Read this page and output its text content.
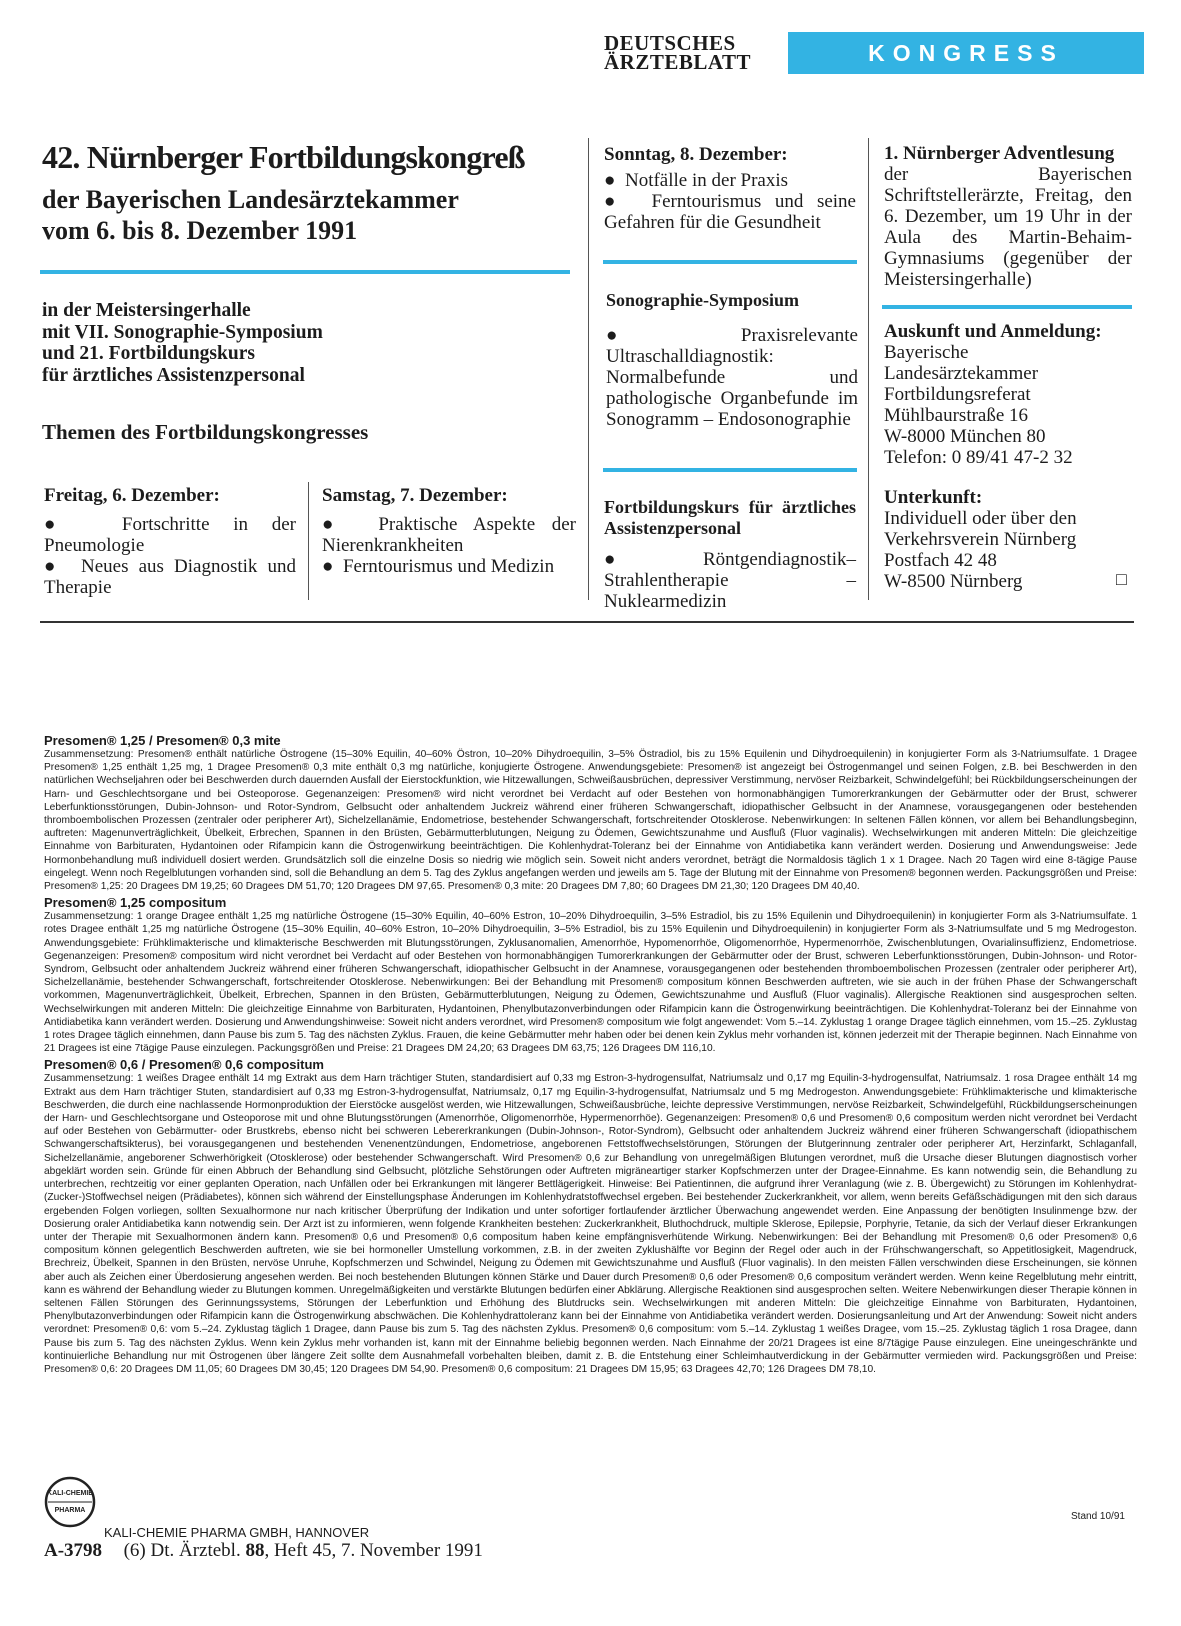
DEUTSCHES
ÄRZTEBLATT	KONGRESS AKTUELL
42. Nürnberger Fortbildungskongreß
der Bayerischen Landesärztekammer
vom 6. bis 8. Dezember 1991
in der Meistersingerhalle
mit VII. Sonographie-Symposium
und 21. Fortbildungskurs
für ärztliches Assistenzpersonal
Themen des Fortbildungskongresses
Freitag, 6. Dezember:
●  Fortschritte in der Pneumologie
●  Neues aus Diagnostik und Therapie
Samstag, 7. Dezember:
●  Praktische Aspekte der Nierenkrankheiten
●  Ferntourismus und Medizin
Sonntag, 8. Dezember:
●  Notfälle in der Praxis
●  Ferntourismus und seine Gefahren für die Gesundheit
Sonographie-Symposium
●  Praxisrelevante Ultraschalldiagnostik: Normalbefunde und pathologische Organbefunde im Sonogramm – Endosonographie
Fortbildungskurs für ärztliches Assistenzpersonal
●  Röntgendiagnostik–Strahlentherapie – Nuklearmedizin
1. Nürnberger Adventlesung
der Bayerischen Schriftstellerärzte, Freitag, den 6. Dezember, um 19 Uhr in der Aula des Martin-Behaim-Gymnasiums (gegenüber der Meistersingerhalle)
Auskunft und Anmeldung:
Bayerische
Landesärztekammer
Fortbildungsreferat
Mühlbaurstraße 16
W-8000 München 80
Telefon: 0 89/41 47-2 32
Unterkunft:
Individuell oder über den
Verkehrsverein Nürnberg
Postfach 42 48
W-8500 Nürnberg	□
Presomen® 1,25 / Presomen® 0,3 mite

Zusammensetzung: Presomen® enthält natürliche Östrogene (15–30% Equilin, 40–60% Östron, 10–20% Dihydroequilin, 3–5% Östradiol, bis zu 15% Equilenin und Dihydroequilenin) in konjugierter Form als 3-Natriumsulfate. 1 Dragee Presomen® 1,25 enthält 1,25 mg, 1 Dragee Presomen® 0,3 mite enthält 0,3 mg natürliche, konjugierte Östrogene. Anwendungsgebiete: Presomen® ist angezeigt bei Östrogenmangel und seinen Folgen, z.B. bei Beschwerden in den natürlichen Wechseljahren oder bei Beschwerden durch dauernden Ausfall der Eierstockfunktion, wie Hitzewallungen, Schweißausbrüchen, depressiver Verstimmung, nervöser Reizbarkeit, Schwindelgefühl; bei Rückbildungserscheinungen der Harn- und Geschlechtsorgane und bei Osteoporose. Gegenanzeigen: Presomen® wird nicht verordnet bei Verdacht auf oder Bestehen von hormonabhängigen Tumorerkrankungen der Gebärmutter oder der Brust, schwerer Leberfunktionsstörungen, Dubin-Johnson- und Rotor-Syndrom, Gelbsucht oder anhaltendem Juckreiz während einer früheren Schwangerschaft, idiopathischer Gelbsucht in der Anamnese, vorausgegangenen oder bestehenden thromboembolischen Prozessen (zentraler oder peripherer Art), Sichelzellanämie, Endometriose, bestehender Schwangerschaft, fortschreitender Otosklerose. Nebenwirkungen: In seltenen Fällen können, vor allem bei Behandlungsbeginn, auftreten: Magenunverträglichkeit, Übelkeit, Erbrechen, Spannen in den Brüsten, Gebärmutterblutungen, Neigung zu Ödemen, Gewichtszunahme und Ausfluß (Fluor vaginalis). Wechselwirkungen mit anderen Mitteln: Die gleichzeitige Einnahme von Barbituraten, Hydantoinen oder Rifampicin kann die Östrogenwirkung beeinträchtigen. Die Kohlenhydrat-Toleranz bei der Einnahme von Antidiabetika kann verändert werden. Dosierung und Anwendungsweise: Jede Hormonbehandlung muß individuell dosiert werden. Grundsätzlich soll die einzelne Dosis so niedrig wie möglich sein. Soweit nicht anders verordnet, beträgt die Normaldosis täglich 1 x 1 Dragee. Nach 20 Tagen wird eine 8-tägige Pause eingelegt. Wenn noch Regelblutungen vorhanden sind, soll die Behandlung an dem 5. Tag des Zyklus angefangen werden und jeweils am 5. Tage der Blutung mit der Einnahme von Presomen® begonnen werden. Packungsgrößen und Preise: Presomen® 1,25: 20 Dragees DM 19,25; 60 Dragees DM 51,70; 120 Dragees DM 97,65. Presomen® 0,3 mite: 20 Dragees DM 7,80; 60 Dragees DM 21,30; 120 Dragees DM 40,40.

Presomen® 1,25 compositum

Zusammensetzung: 1 orange Dragee enthält 1,25 mg natürliche Östrogene (15–30% Equilin, 40–60% Estron, 10–20% Dihydroequilin, 3–5% Estradiol, bis zu 15% Equilenin und Dihydroequilenin) in konjugierter Form als 3-Natriumsulfate. 1 rotes Dragee enthält 1,25 mg natürliche Östrogene (15–30% Equilin, 40–60% Estron, 10–20% Dihydroequilin, 3–5% Estradiol, bis zu 15% Equilenin und Dihydroequilenin) in konjugierter Form als 3-Natriumsulfate und 5 mg Medrogeston. Anwendungsgebiete: Frühklimakterische und klimakterische Beschwerden mit Blutungsstörungen, Zyklusanomalien, Amenorrhöe, Hypomenorrhöe, Oligomenorrhöe, Hypermenorrhöe, Zwischenblutungen, Ovarialinsuffizienz, Endometriose. Gegenanzeigen: Presomen® compositum wird nicht verordnet bei Verdacht auf oder Bestehen von hormonabhängigen Tumorerkrankungen der Gebärmutter oder der Brust, schweren Leberfunktionsstörungen, Dubin-Johnson- und Rotor-Syndrom, Gelbsucht oder anhaltendem Juckreiz während einer früheren Schwangerschaft, idiopathischer Gelbsucht in der Anamnese, vorausgegangenen oder bestehenden thromboembolischen Prozessen (zentraler oder peripherer Art), Sichelzellanämie, bestehender Schwangerschaft, fortschreitender Otosklerose. Nebenwirkungen: Bei der Behandlung mit Presomen® compositum können Beschwerden auftreten, wie sie auch in der frühen Phase der Schwangerschaft vorkommen, Magenunverträglichkeit, Übelkeit, Erbrechen, Spannen in den Brüsten, Gebärmutterblutungen, Neigung zu Ödemen, Gewichtszunahme und Ausfluß (Fluor vaginalis). Allergische Reaktionen sind ausgesprochen selten. Wechselwirkungen mit anderen Mitteln: Die gleichzeitige Einnahme von Barbituraten, Hydantoinen, Phenylbutazonverbindungen oder Rifampicin kann die Östrogenwirkung beeinträchtigen. Die Kohlenhydrat-Toleranz bei der Einnahme von Antidiabetika kann verändert werden. Dosierung und Anwendungshinweise: Soweit nicht anders verordnet, wird Presomen® compositum wie folgt angewendet: Vom 5.–14. Zyklustag 1 orange Dragee täglich einnehmen, vom 15.–25. Zyklustag 1 rotes Dragee täglich einnehmen, dann Pause bis zum 5. Tag des nächsten Zyklus. Frauen, die keine Gebärmutter mehr haben oder bei denen kein Zyklus mehr vorhanden ist, können jederzeit mit der Therapie beginnen. Nach Einnahme von 21 Dragees ist eine 7tägige Pause einzulegen. Packungsgrößen und Preise: 21 Dragees DM 24,20; 63 Dragees DM 63,75; 126 Dragees DM 116,10.

Presomen® 0,6 / Presomen® 0,6 compositum

Zusammensetzung: 1 weißes Dragee enthält 14 mg Extrakt aus dem Harn trächtiger Stuten, standardisiert auf 0,33 mg Estron-3-hydrogensulfat, Natriumsalz und 0,17 mg Equilin-3-hydrogensulfat, Natriumsalz. 1 rosa Dragee enthält 14 mg Extrakt aus dem Harn trächtiger Stuten, standardisiert auf 0,33 mg Estron-3-hydrogensulfat, Natriumsalz, 0,17 mg Equilin-3-hydrogensulfat, Natriumsalz und 5 mg Medrogeston. Anwendungsgebiete: Frühklimakterische und klimakterische Beschwerden, die durch eine nachlassende Hormonproduktion der Eierstöcke ausgelöst werden, wie Hitzewallungen, Schweißausbrüche, leichte depressive Verstimmungen, nervöse Reizbarkeit, Schwindelgefühl, Rückbildungserscheinungen der Harn- und Geschlechtsorgane und Osteoporose mit und ohne Blutungsstörungen (Amenorrhöe, Oligomenorrhöe, Hypermenorrhöe). Gegenanzeigen: Presomen® 0,6 und Presomen® 0,6 compositum werden nicht verordnet bei Verdacht auf oder Bestehen von Gebärmutter- oder Brustkrebs, ebenso nicht bei schweren Lebererkrankungen (Dubin-Johnson-, Rotor-Syndrom), Gelbsucht oder anhaltendem Juckreiz während einer früheren Schwangerschaft (idiopathischem Schwangerschaftsikterus), bei vorausgegangenen und bestehenden Venenentzündungen, Endometriose, angeborenen Fettstoffwechselstörungen, Störungen der Blutgerinnung zentraler oder peripherer Art, Herzinfarkt, Schlaganfall, Sichelzellanämie, angeborener Schwerhörigkeit (Otosklerose) oder bestehender Schwangerschaft. Wird Presomen® 0,6 zur Behandlung von unregelmäßigen Blutungen verordnet, muß die Ursache dieser Blutungen diagnostisch vorher abgeklärt worden sein. Gründe für einen Abbruch der Behandlung sind Gelbsucht, plötzliche Sehstörungen oder Auftreten migräneartiger starker Kopfschmerzen unter der Dragee-Einnahme. Es kann notwendig sein, die Behandlung zu unterbrechen, rechtzeitig vor einer geplanten Operation, nach Unfällen oder bei Erkrankungen mit längerer Bettlägerigkeit. Hinweise: Bei Patientinnen, die aufgrund ihrer Veranlagung (wie z. B. Übergewicht) zu Störungen im Kohlenhydrat-(Zucker-)Stoffwechsel neigen (Prädiabetes), können sich während der Einstellungsphase Änderungen im Kohlenhydratstoffwechsel ergeben. Bei bestehender Zuckerkrankheit, vor allem, wenn bereits Gefäßschädigungen mit den sich daraus ergebenden Folgen vorliegen, sollten Sexualhormone nur nach kritischer Überprüfung der Indikation und unter sofortiger fortlaufender ärztlicher Überwachung angewendet werden. Eine Anpassung der benötigten Insulinmenge bzw. der Dosierung oraler Antidiabetika kann notwendig sein. Der Arzt ist zu informieren, wenn folgende Krankheiten bestehen: Zuckerkrankheit, Bluthochdruck, multiple Sklerose, Epilepsie, Porphyrie, Tetanie, da sich der Verlauf dieser Erkrankungen unter der Therapie mit Sexualhormonen ändern kann. Presomen® 0,6 und Presomen® 0,6 compositum haben keine empfängnisverhütende Wirkung. Nebenwirkungen: Bei der Behandlung mit Presomen® 0,6 oder Presomen® 0,6 compositum können gelegentlich Beschwerden auftreten, wie sie bei hormoneller Umstellung vorkommen, z.B. in der zweiten Zyklushälfte vor Beginn der Regel oder auch in der Frühschwangerschaft, so Appetitlosigkeit, Magendruck, Brechreiz, Übelkeit, Spannen in den Brüsten, nervöse Unruhe, Kopfschmerzen und Schwindel, Neigung zu Ödemen mit Gewichtszunahme und Ausfluß (Fluor vaginalis). In den meisten Fällen verschwinden diese Erscheinungen, sie können aber auch als Zeichen einer Überdosierung angesehen werden. Bei noch bestehenden Blutungen können Stärke und Dauer durch Presomen® 0,6 oder Presomen® 0,6 compositum verändert werden. Wenn keine Regelblutung mehr eintritt, kann es während der Behandlung wieder zu Blutungen kommen. Unregelmäßigkeiten und verstärkte Blutungen bedürfen einer Abklärung. Allergische Reaktionen sind ausgesprochen selten. Weitere Nebenwirkungen dieser Therapie können in seltenen Fällen Störungen des Gerinnungssystems, Störungen der Leberfunktion und Erhöhung des Blutdrucks sein. Wechselwirkungen mit anderen Mitteln: Die gleichzeitige Einnahme von Barbituraten, Hydantoinen, Phenylbutazonverbindungen oder Rifampicin kann die Östrogenwirkung abschwächen. Die Kohlenhydrattoleranz kann bei der Einnahme von Antidiabetika verändert werden. Dosierungsanleitung und Art der Anwendung: Soweit nicht anders verordnet: Presomen® 0,6: vom 5.–24. Zyklustag täglich 1 Dragee, dann Pause bis zum 5. Tag des nächsten Zyklus. Presomen® 0,6 compositum: vom 5.–14. Zyklustag 1 weißes Dragee, vom 15.–25. Zyklustag täglich 1 rosa Dragee, dann Pause bis zum 5. Tag des nächsten Zyklus. Wenn kein Zyklus mehr vorhanden ist, kann mit der Einnahme beliebig begonnen werden. Nach Einnahme der 20/21 Dragees ist eine 8/7tägige Pause einzulegen. Eine uneingeschränkte und kontinuierliche Behandlung nur mit Östrogenen über längere Zeit sollte dem Ausnahmefall vorbehalten bleiben, damit z. B. die Entstehung einer Schleimhautverdickung in der Gebärmutter vermieden wird. Packungsgrößen und Preise: Presomen® 0,6: 20 Dragees DM 11,05; 60 Dragees DM 30,45; 120 Dragees DM 54,90. Presomen® 0,6 compositum: 21 Dragees DM 15,95; 63 Dragees 42,70; 126 Dragees DM 78,10.

Stand 10/91
KALI-CHEMIE
PHARMA
KALI-CHEMIE PHARMA GMBH, HANNOVER
A-3798 (6) Dt. Ärztebl. 88, Heft 45, 7. November 1991
